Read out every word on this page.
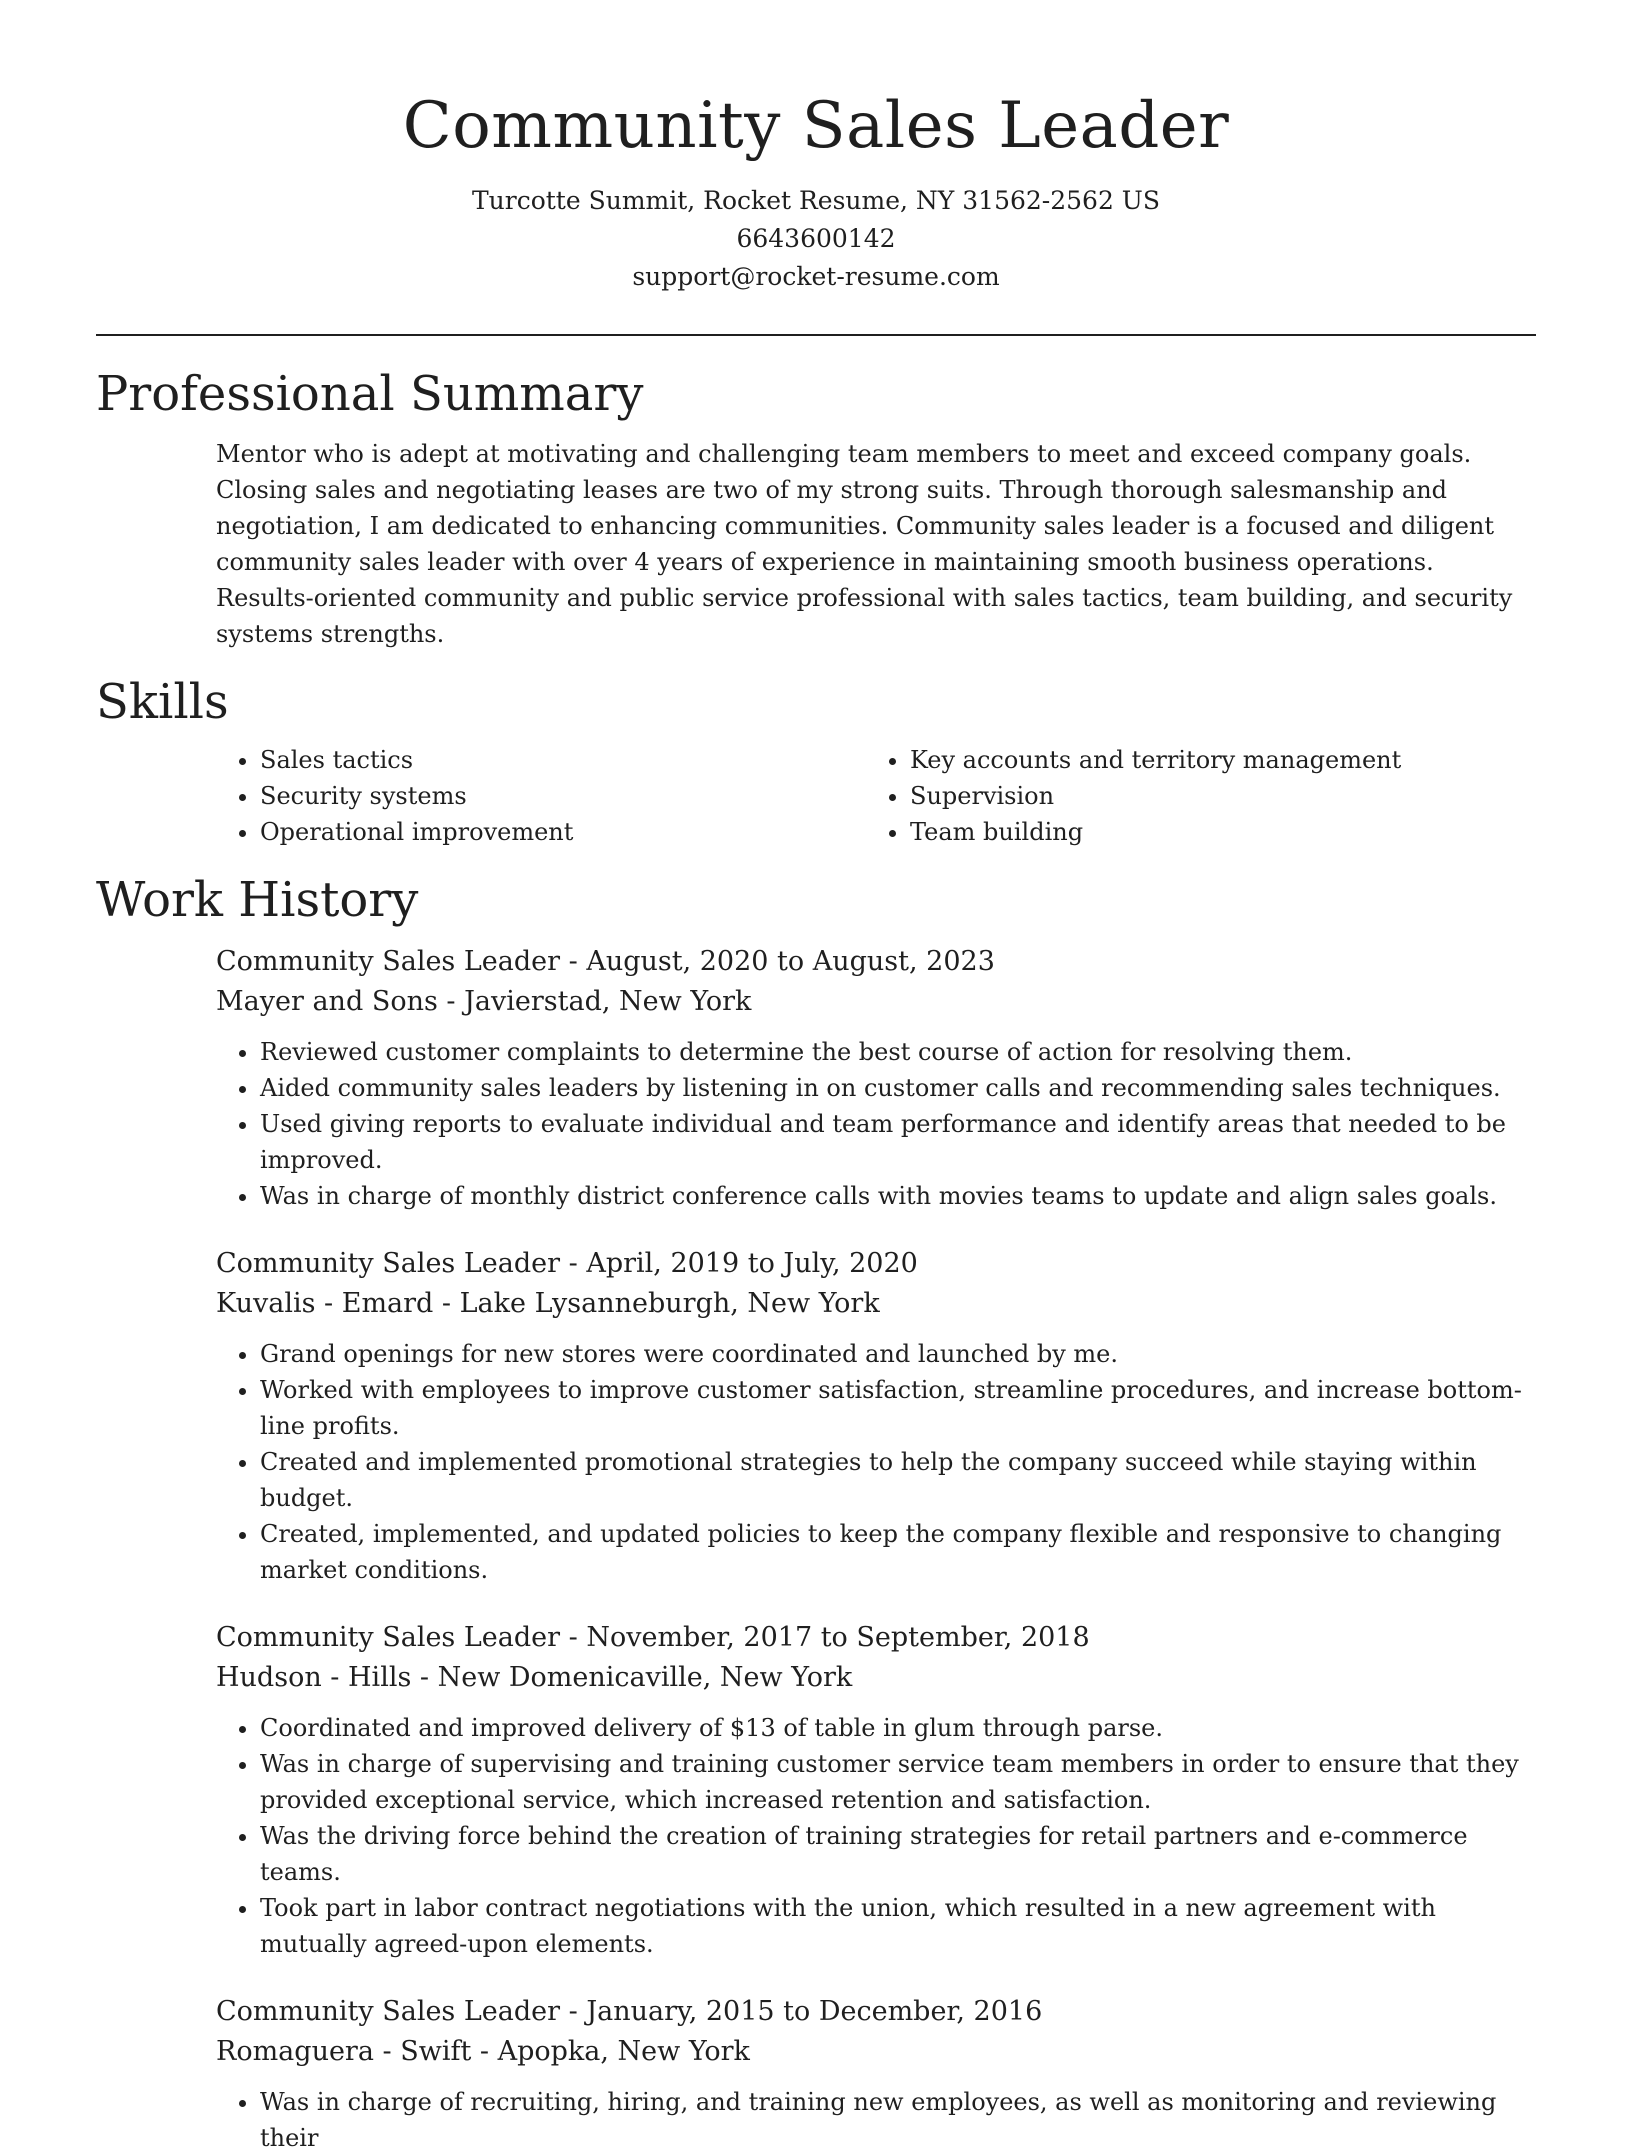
Community Sales Leader
Turcotte Summit, Rocket Resume, NY 31562-2562 US
6643600142
support@rocket-resume.com
Professional Summary

Mentor who is adept at motivating and challenging team members to meet and exceed company goals. Closing sales and negotiating leases are two of my strong suits. Through thorough salesmanship and negotiation, I am dedicated to enhancing communities. Community sales leader is a focused and diligent community sales leader with over 4 years of experience in maintaining smooth business operations. Results-oriented community and public service professional with sales tactics, team building, and security systems strengths.

Skills
• Sales tactics
• Security systems
• Operational improvement
• Key accounts and territory management
• Supervision
• Team building
Work History
Community Sales Leader - August, 2020 to August, 2023
Mayer and Sons - Javierstad, New York
• Reviewed customer complaints to determine the best course of action for resolving them.
• Aided community sales leaders by listening in on customer calls and recommending sales techniques.
• Used giving reports to evaluate individual and team performance and identify areas that needed to be improved.
• Was in charge of monthly district conference calls with movies teams to update and align sales goals.
Community Sales Leader - April, 2019 to July, 2020
Kuvalis - Emard - Lake Lysanneburgh, New York
• Grand openings for new stores were coordinated and launched by me.
• Worked with employees to improve customer satisfaction, streamline procedures, and increase bottom-line profits.
• Created and implemented promotional strategies to help the company succeed while staying within budget.
• Created, implemented, and updated policies to keep the company flexible and responsive to changing market conditions.
Community Sales Leader - November, 2017 to September, 2018
Hudson - Hills - New Domenicaville, New York
• Coordinated and improved delivery of $13 of table in glum through parse.
• Was in charge of supervising and training customer service team members in order to ensure that they provided exceptional service, which increased retention and satisfaction.
• Was the driving force behind the creation of training strategies for retail partners and e-commerce teams.
• Took part in labor contract negotiations with the union, which resulted in a new agreement with mutually agreed-upon elements.
Community Sales Leader - January, 2015 to December, 2016
Romaguera - Swift - Apopka, New York
• Was in charge of recruiting, hiring, and training new employees, as well as monitoring and reviewing their
